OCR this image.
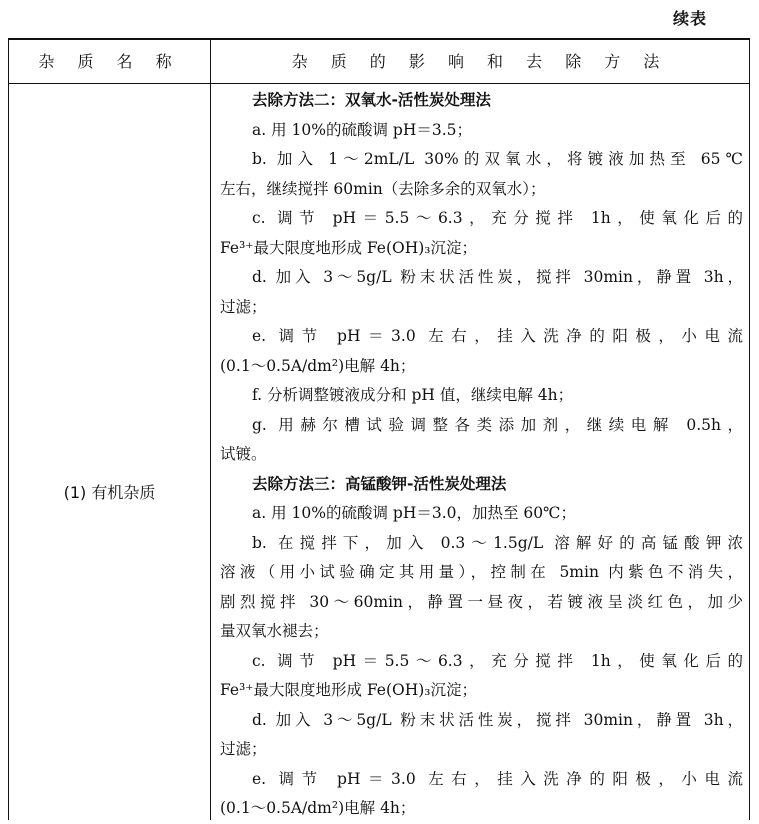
续表
杂 质 名 称	杂 质 的 影 响 和 去 除 方 法
(1) 有机杂质
去除方法二：双氧水-活性炭处理法
a. 用 10%的硫酸调 pH＝3.5；
b. 加入 1～2mL/L 30%的双氧水，将镀液加热至 65℃
左右，继续搅拌 60min（去除多余的双氧水）；
c. 调节 pH＝5.5～6.3，充分搅拌 1h，使氧化后的
Fe³⁺最大限度地形成 Fe(OH)₃沉淀；
d. 加入 3～5g/L 粉末状活性炭，搅拌 30min，静置 3h，
过滤；
e. 调节 pH＝3.0 左右，挂入洗净的阳极，小电流
(0.1～0.5A/dm²)电解 4h；
f. 分析调整镀液成分和 pH 值，继续电解 4h；
g. 用赫尔槽试验调整各类添加剂，继续电解 0.5h，
试镀。
去除方法三：高锰酸钾-活性炭处理法
a. 用 10%的硫酸调 pH＝3.0，加热至 60℃；
b. 在搅拌下，加入 0.3～1.5g/L 溶解好的高锰酸钾浓
溶液（用小试验确定其用量），控制在 5min 内紫色不消失，
剧烈搅拌 30～60min，静置一昼夜，若镀液呈淡红色，加少
量双氧水褪去；
c. 调节 pH＝5.5～6.3，充分搅拌 1h，使氧化后的
Fe³⁺最大限度地形成 Fe(OH)₃沉淀；
d. 加入 3～5g/L 粉末状活性炭，搅拌 30min，静置 3h，
过滤；
e. 调节 pH＝3.0 左右，挂入洗净的阳极，小电流
(0.1～0.5A/dm²)电解 4h；
